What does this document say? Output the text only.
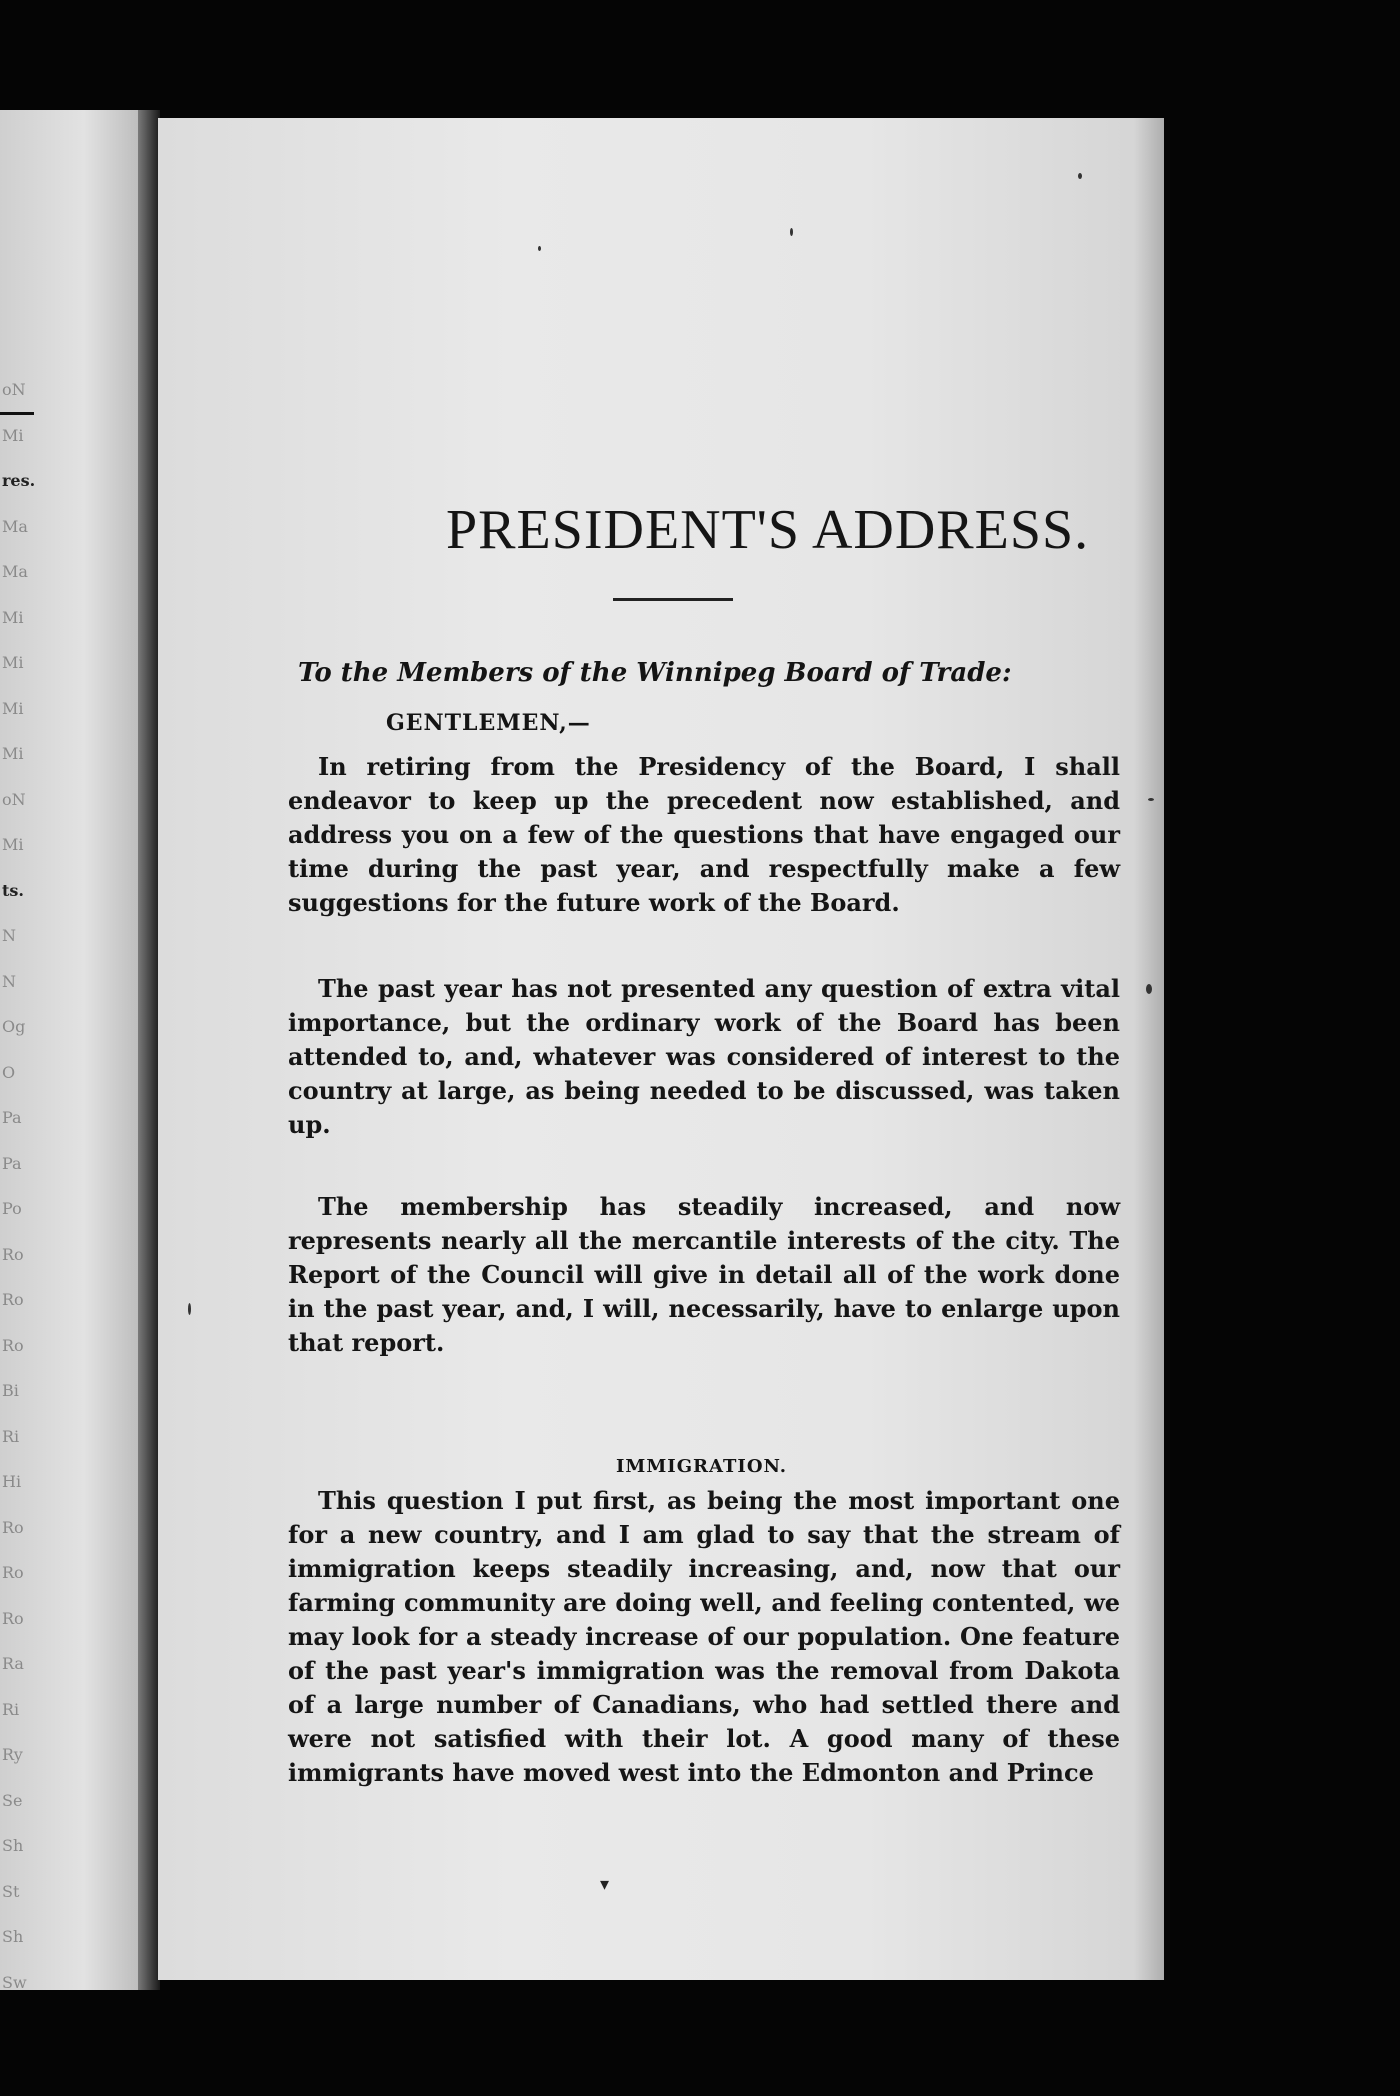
oN
Mi
res.
Ma
Ma
Mi
Mi
Mi
Mi
oN
Mi
ts.
N
N
Og
O
Pa
Pa
Po
Ro
Ro
Ro
Bi
Ri
Hi
Ro
Ro
Ro
Ra
Ri
Ry
Se
Sh
St
Sh
Sw
PRESIDENT'S ADDRESS.
To the Members of the Winnipeg Board of Trade:
GENTLEMEN,—

In retiring from the Presidency of the Board, I shall endeavor to keep up the precedent now established, and address you on a few of the questions that have engaged our time during the past year, and respectfully make a few suggestions for the future work of the Board.

The past year has not presented any question of extra vital importance, but the ordinary work of the Board has been attended to, and, whatever was considered of interest to the country at large, as being needed to be discussed, was taken up.

The membership has steadily increased, and now represents nearly all the mercantile interests of the city. The Report of the Council will give in detail all of the work done in the past year, and, I will, necessarily, have to enlarge upon that report.

IMMIGRATION.

This question I put first, as being the most important one for a new country, and I am glad to say that the stream of immigration keeps steadily increasing, and, now that our farming community are doing well, and feeling contented, we may look for a steady increase of our population. One feature of the past year's immigration was the removal from Dakota of a large number of Canadians, who had settled there and were not satisfied with their lot. A good many of these immigrants have moved west into the Edmonton and Prince

▾
